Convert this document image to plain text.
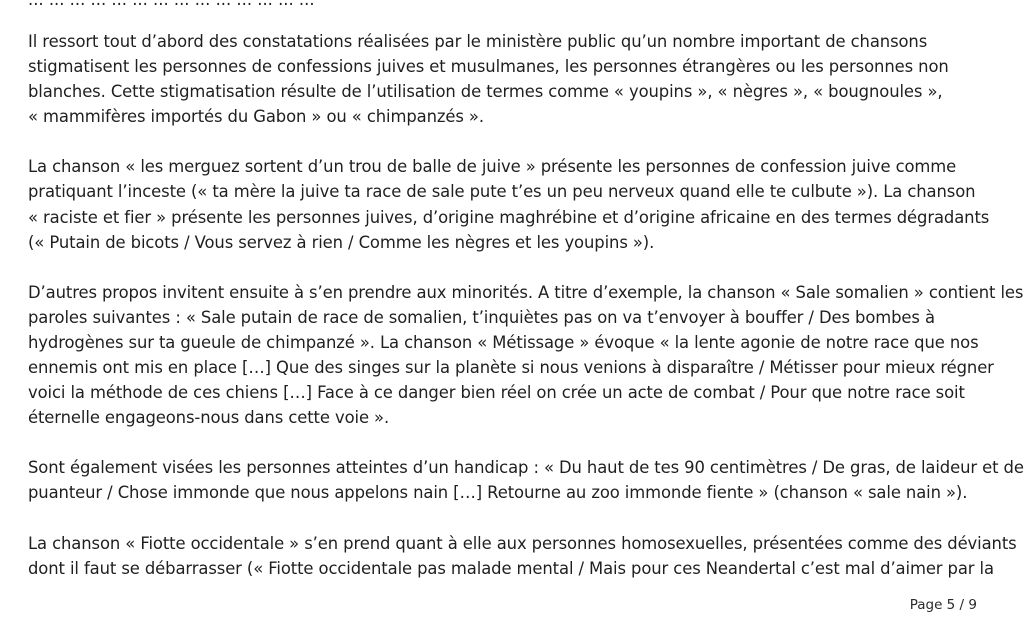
Il ressort tout d’abord des constatations réalisées par le ministère public qu’un nombre important de chansons
stigmatisent les personnes de confessions juives et musulmanes, les personnes étrangères ou les personnes non
blanches. Cette stigmatisation résulte de l’utilisation de termes comme « youpins », « nègres », « bougnoules »,
« mammifères importés du Gabon » ou « chimpanzés ».

La chanson « les merguez sortent d’un trou de balle de juive » présente les personnes de confession juive comme
pratiquant l’inceste (« ta mère la juive ta race de sale pute t’es un peu nerveux quand elle te culbute »). La chanson
« raciste et fier » présente les personnes juives, d’origine maghrébine et d’origine africaine en des termes dégradants
(« Putain de bicots / Vous servez à rien / Comme les nègres et les youpins »).

D’autres propos invitent ensuite à s’en prendre aux minorités. A titre d’exemple, la chanson « Sale somalien » contient les
paroles suivantes : « Sale putain de race de somalien, t’inquiètes pas on va t’envoyer à bouffer / Des bombes à
hydrogènes sur ta gueule de chimpanzé ». La chanson « Métissage » évoque « la lente agonie de notre race que nos
ennemis ont mis en place […] Que des singes sur la planète si nous venions à disparaître / Métisser pour mieux régner
voici la méthode de ces chiens […] Face à ce danger bien réel on crée un acte de combat / Pour que notre race soit
éternelle engageons-nous dans cette voie ».

Sont également visées les personnes atteintes d’un handicap : « Du haut de tes 90 centimètres / De gras, de laideur et de
puanteur / Chose immonde que nous appelons nain […] Retourne au zoo immonde fiente » (chanson « sale nain »).

La chanson « Fiotte occidentale » s’en prend quant à elle aux personnes homosexuelles, présentées comme des déviants
dont il faut se débarrasser (« Fiotte occidentale pas malade mental / Mais pour ces Neandertal c’est mal d’aimer par la

Page 5 / 9
